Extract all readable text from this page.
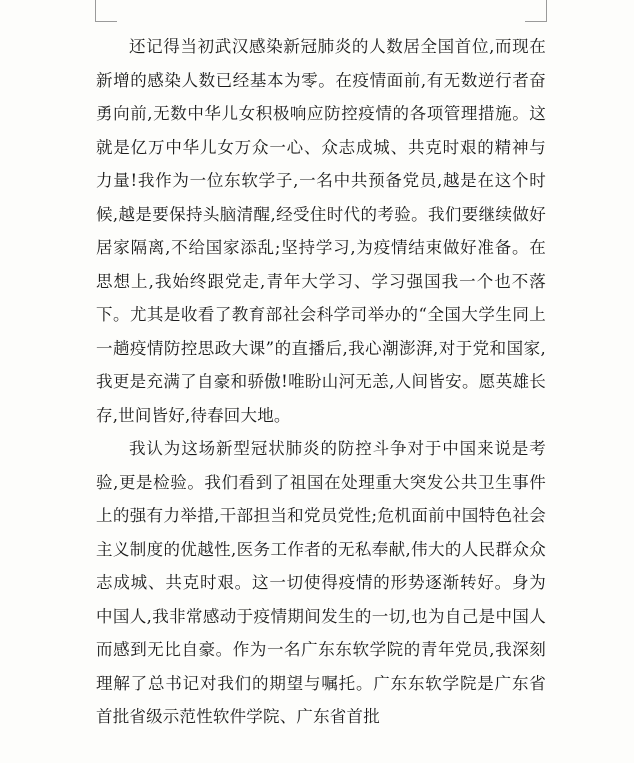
还记得当初武汉感染新冠肺炎的人数居全国首位,而现在新增的感染人数已经基本为零。在疫情面前,有无数逆行者奋勇向前,无数中华儿女积极响应防控疫情的各项管理措施。这就是亿万中华儿女万众一心、众志成城、共克时艰的精神与力量!我作为一位东软学子,一名中共预备党员,越是在这个时候,越是要保持头脑清醒,经受住时代的考验。我们要继续做好居家隔离,不给国家添乱;坚持学习,为疫情结束做好准备。在思想上,我始终跟党走,青年大学习、学习强国我一个也不落下。尤其是收看了教育部社会科学司举办的“全国大学生同上一趟疫情防控思政大课”的直播后,我心潮澎湃,对于党和国家,我更是充满了自豪和骄傲!唯盼山河无恙,人间皆安。愿英雄长存,世间皆好,待春回大地。

我认为这场新型冠状肺炎的防控斗争对于中国来说是考验,更是检验。我们看到了祖国在处理重大突发公共卫生事件上的强有力举措,干部担当和党员党性;危机面前中国特色社会主义制度的优越性,医务工作者的无私奉献,伟大的人民群众众志成城、共克时艰。这一切使得疫情的形势逐渐转好。身为中国人,我非常感动于疫情期间发生的一切,也为自己是中国人而感到无比自豪。作为一名广东东软学院的青年党员,我深刻理解了总书记对我们的期望与嘱托。广东东软学院是广东省首批省级示范性软件学院、广东省首批
